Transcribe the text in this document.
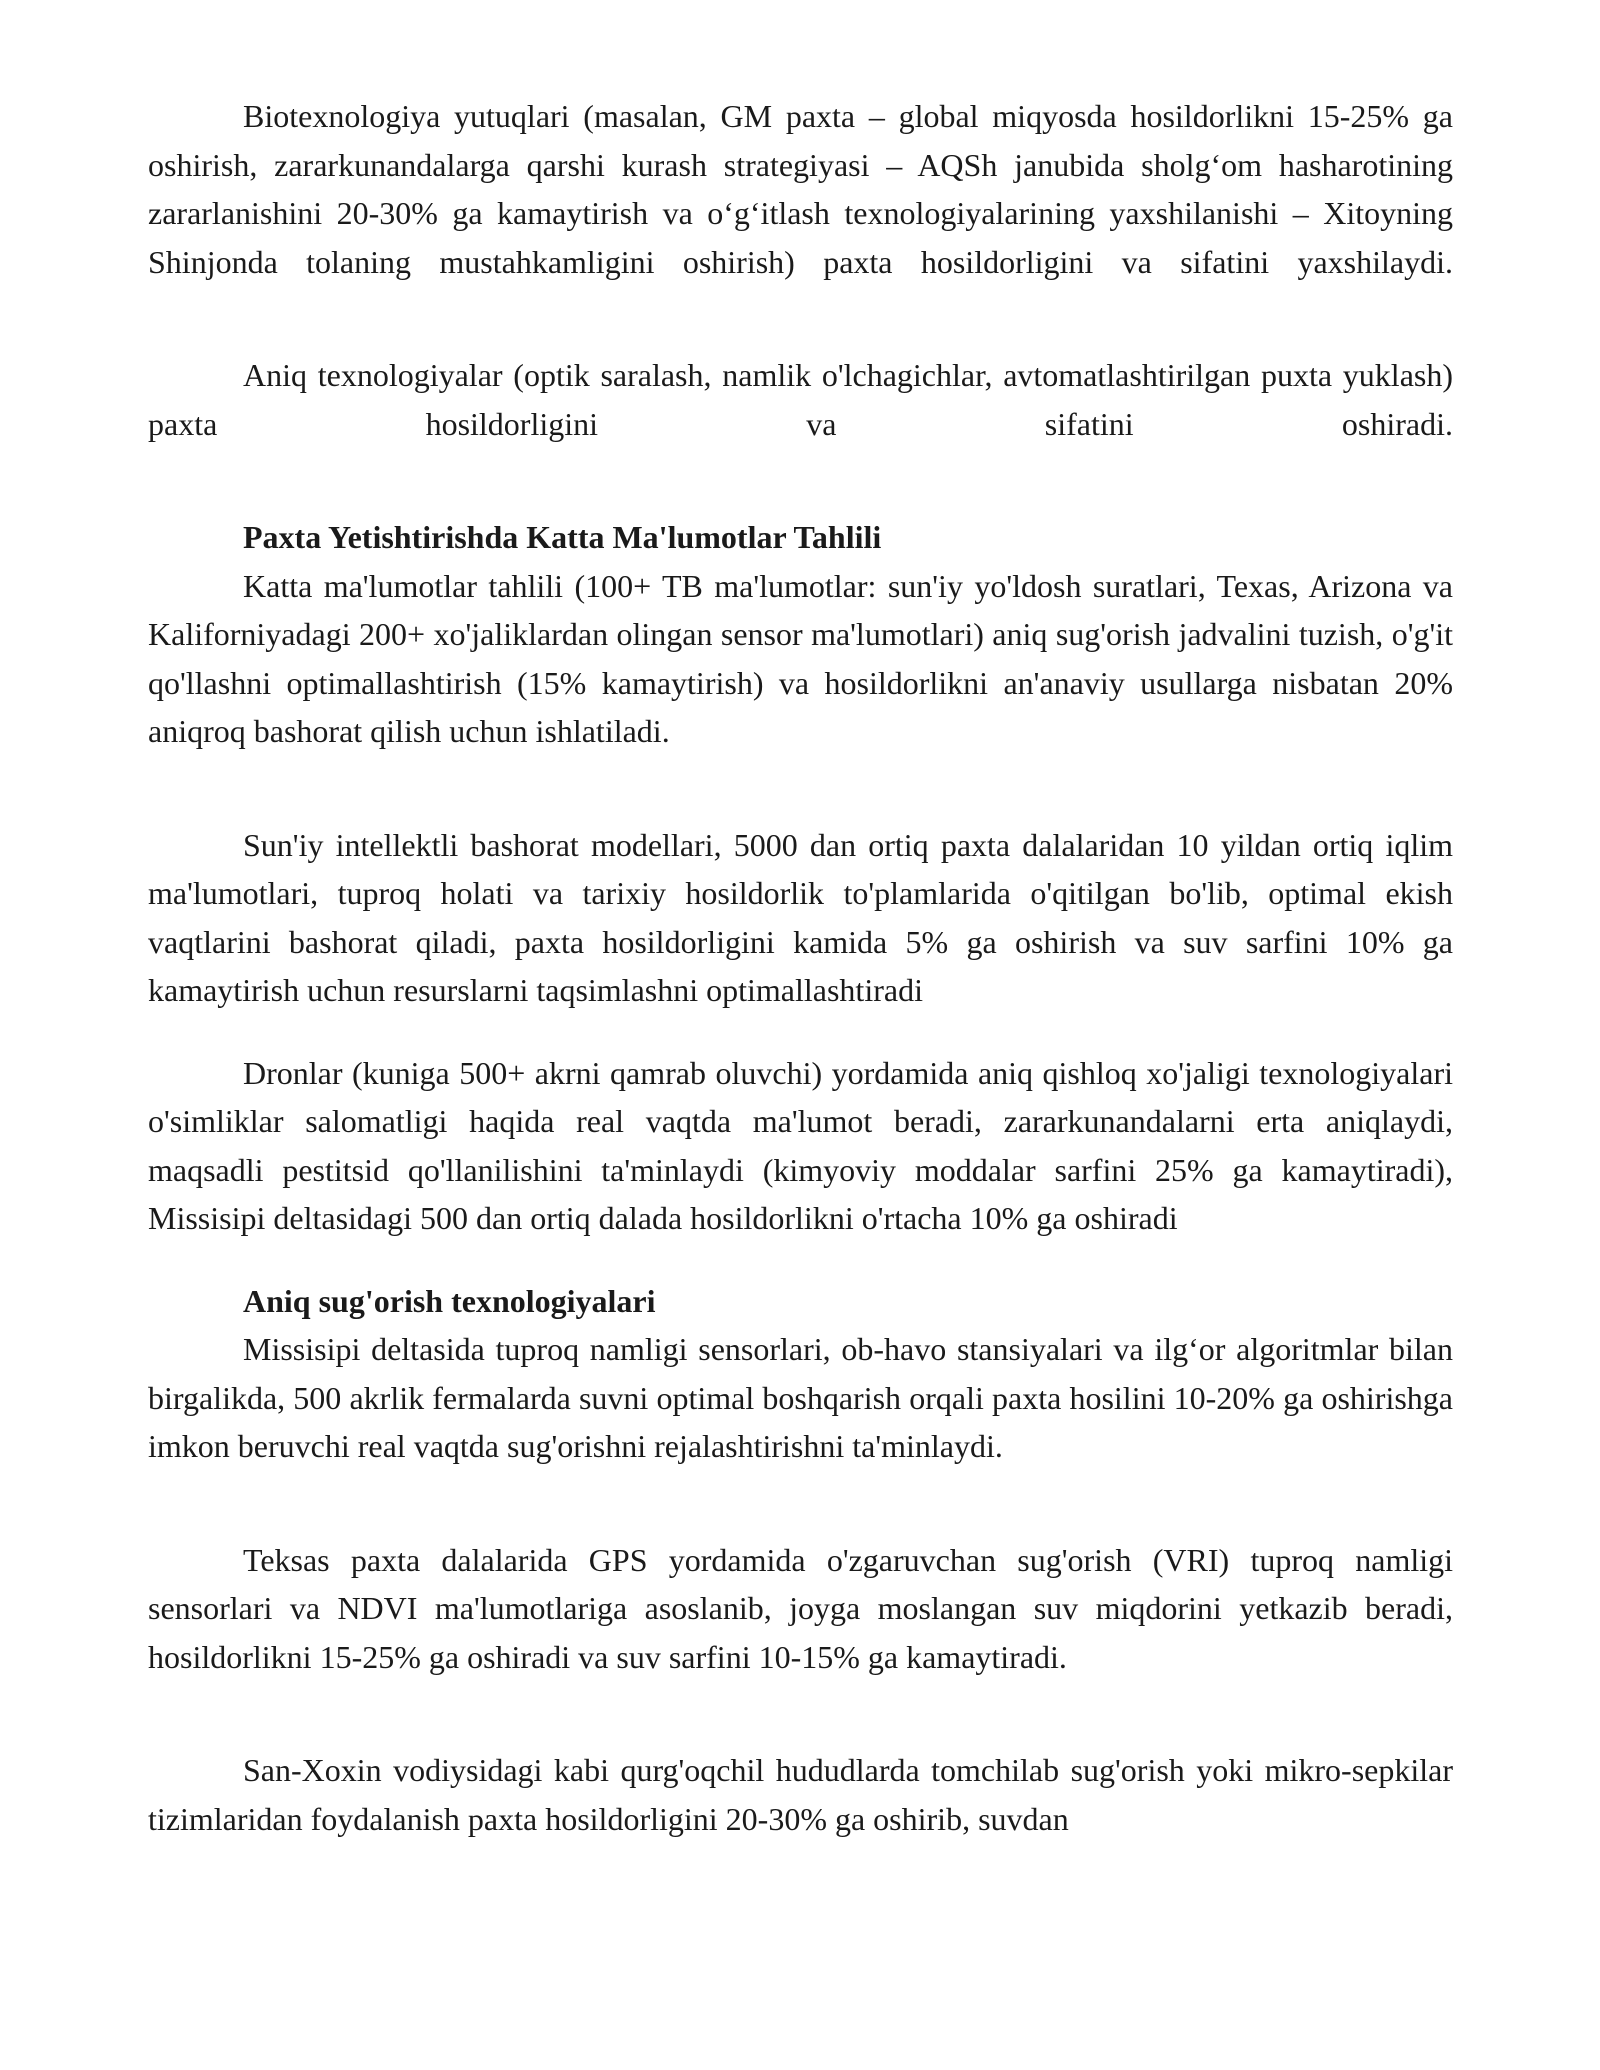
Biotexnologiya yutuqlari (masalan, GM paxta – global miqyosda hosildorlikni 15-25% ga oshirish, zararkunandalarga qarshi kurash strategiyasi – AQSh janubida sholg‘om hasharotining zararlanishini 20-30% ga kamaytirish va o‘g‘itlash texnologiyalarining yaxshilanishi – Xitoyning Shinjonda tolaning mustahkamligini oshirish) paxta hosildorligini va sifatini yaxshilaydi.

Aniq texnologiyalar (optik saralash, namlik o'lchagichlar, avtomatlashtirilgan puxta yuklash) paxta hosildorligini va sifatini oshiradi.

Paxta Yetishtirishda Katta Ma'lumotlar Tahlili

Katta ma'lumotlar tahlili (100+ TB ma'lumotlar: sun'iy yo'ldosh suratlari, Texas, Arizona va Kaliforniyadagi 200+ xo'jaliklardan olingan sensor ma'lumotlari) aniq sug'orish jadvalini tuzish, o'g'it qo'llashni optimallashtirish (15% kamaytirish) va hosildorlikni an'anaviy usullarga nisbatan 20% aniqroq bashorat qilish uchun ishlatiladi.

Sun'iy intellektli bashorat modellari, 5000 dan ortiq paxta dalalaridan 10 yildan ortiq iqlim ma'lumotlari, tuproq holati va tarixiy hosildorlik to'plamlarida o'qitilgan bo'lib, optimal ekish vaqtlarini bashorat qiladi, paxta hosildorligini kamida 5% ga oshirish va suv sarfini 10% ga kamaytirish uchun resurslarni taqsimlashni optimallashtiradi

Dronlar (kuniga 500+ akrni qamrab oluvchi) yordamida aniq qishloq xo'jaligi texnologiyalari o'simliklar salomatligi haqida real vaqtda ma'lumot beradi, zararkunandalarni erta aniqlaydi, maqsadli pestitsid qo'llanilishini ta'minlaydi (kimyoviy moddalar sarfini 25% ga kamaytiradi), Missisipi deltasidagi 500 dan ortiq dalada hosildorlikni o'rtacha 10% ga oshiradi

Aniq sug'orish texnologiyalari

Missisipi deltasida tuproq namligi sensorlari, ob-havo stansiyalari va ilg‘or algoritmlar bilan birgalikda, 500 akrlik fermalarda suvni optimal boshqarish orqali paxta hosilini 10-20% ga oshirishga imkon beruvchi real vaqtda sug'orishni rejalashtirishni ta'minlaydi.

Teksas paxta dalalarida GPS yordamida o'zgaruvchan sug'orish (VRI) tuproq namligi sensorlari va NDVI ma'lumotlariga asoslanib, joyga moslangan suv miqdorini yetkazib beradi, hosildorlikni 15-25% ga oshiradi va suv sarfini 10-15% ga kamaytiradi.

San-Xoxin vodiysidagi kabi qurg'oqchil hududlarda tomchilab sug'orish yoki mikro-sepkilar tizimlaridan foydalanish paxta hosildorligini 20-30% ga oshirib, suvdan
